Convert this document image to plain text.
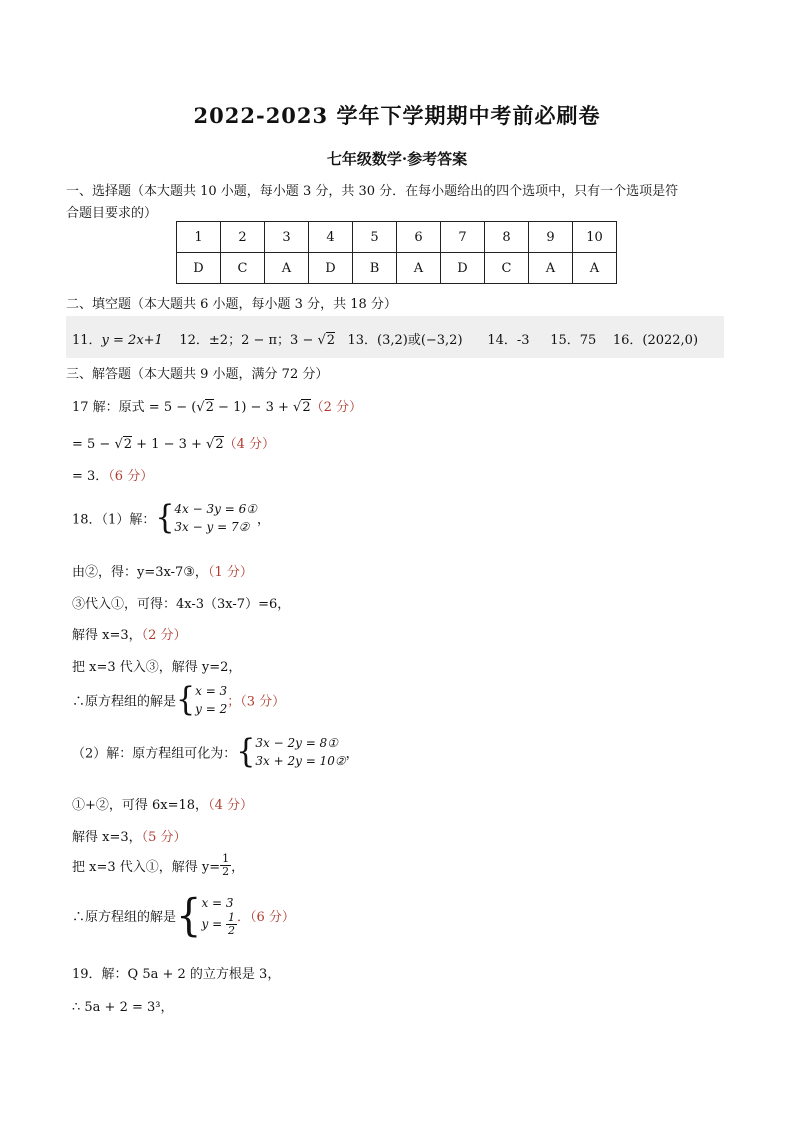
2022-2023 学年下学期期中考前必刷卷
七年级数学·参考答案
一、选择题（本大题共 10 小题，每小题 3 分，共 30 分．在每小题给出的四个选项中，只有一个选项是符
合题目要求的）
1	2	3	4	5	6	7	8	9	10
D	C	A	D	B	A	D	C	A	A
二、填空题（本大题共 6 小题，每小题 3 分，共 18 分）
11．y = 2x+1 12．±2；2 − π；3 − √2 13．(3,2)或(−3,2) 14．-3 15．75 16．(2022,0)
三、解答题（本大题共 9 小题，满分 72 分）
17 解：原式 = 5 − (√2 − 1) − 3 + √2（2 分）
= 5 − √2 + 1 − 3 + √2（4 分）
= 3．（6 分）
18．（1）解：{ 4x − 3y = 6①
3x − y = 7② ，
由②，得：y=3x-7③，（1 分）
③代入①，可得：4x-3（3x-7）=6，
解得 x=3，（2 分）
把 x=3 代入③，解得 y=2，
∴原方程组的解是{ x = 3
y = 2 ；（3 分）
（2）解：原方程组可化为：{ 3x − 2y = 8①
3x + 2y = 10② ，
①+②，可得 6x=18，（4 分）
解得 x=3，（5 分）
把 x=3 代入①，解得 $y= \frac{1}{2}$ ，
∴原方程组的解是{ x = 3
$y = \frac{1}{2}$ ．（6 分）
19．解：Q 5a + 2 的立方根是 3，
∴ 5a + 2 = 3³，
